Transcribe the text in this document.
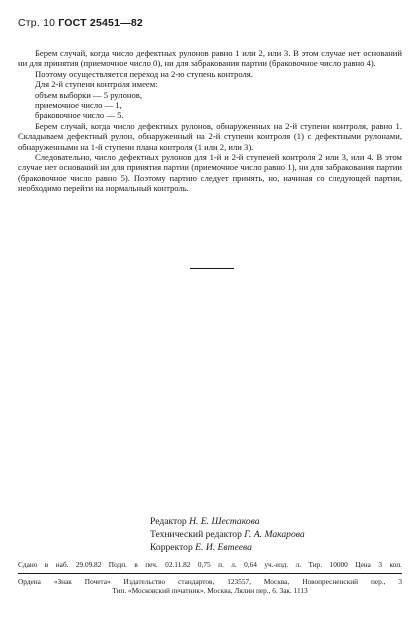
Стр. 10 ГОСТ 25451—82

Берем случай, когда число дефектных рулонов равно 1 или 2, или 3. В этом случае нет оснований ни для принятия (приемочное число 0), ни для забракования партии (браковочное число равно 4).

Поэтому осуществляется переход на 2-ю ступень контроля.

Для 2-й ступени контроля имеем:

объем выборки — 5 рулонов,

приемочное число — 1,

браковочное число — 5.

Берем случай, когда число дефектных рулонов, обнаруженных на 2-й ступени контроля, равно 1. Складываем дефектный рулон, обнаруженный на 2-й ступени контроля (1) с дефектными рулонами, обнаруженными на 1-й ступени плана контроля (1 или 2, или 3).

Следовательно, число дефектных рулонов для 1-й и 2-й ступеней контроля 2 или 3, или 4. В этом случае нет оснований ни для принятия партии (приемочное число равно 1), ни для забракования партии (браковочное число равно 5). Поэтому партию следует принять, но, начиная со следующей партии, необходимо перейти на нормальный контроль.

Редактор Н. Е. Шестакова
Технический редактор Г. А. Макарова
Корректор Е. И. Евтеева

Сдано в наб. 29.09.82 Подп. в печ. 02.11.82 0,75 п. л. 0,64 уч.-изд. л. Тир. 10000 Цена 3 коп.

Ордена «Знак Почета» Издательство стандартов, 123557, Москва, Новопресненский пер., 3

Тип. «Московский печатник». Москва, Лялин пер., 6. Зак. 1113
